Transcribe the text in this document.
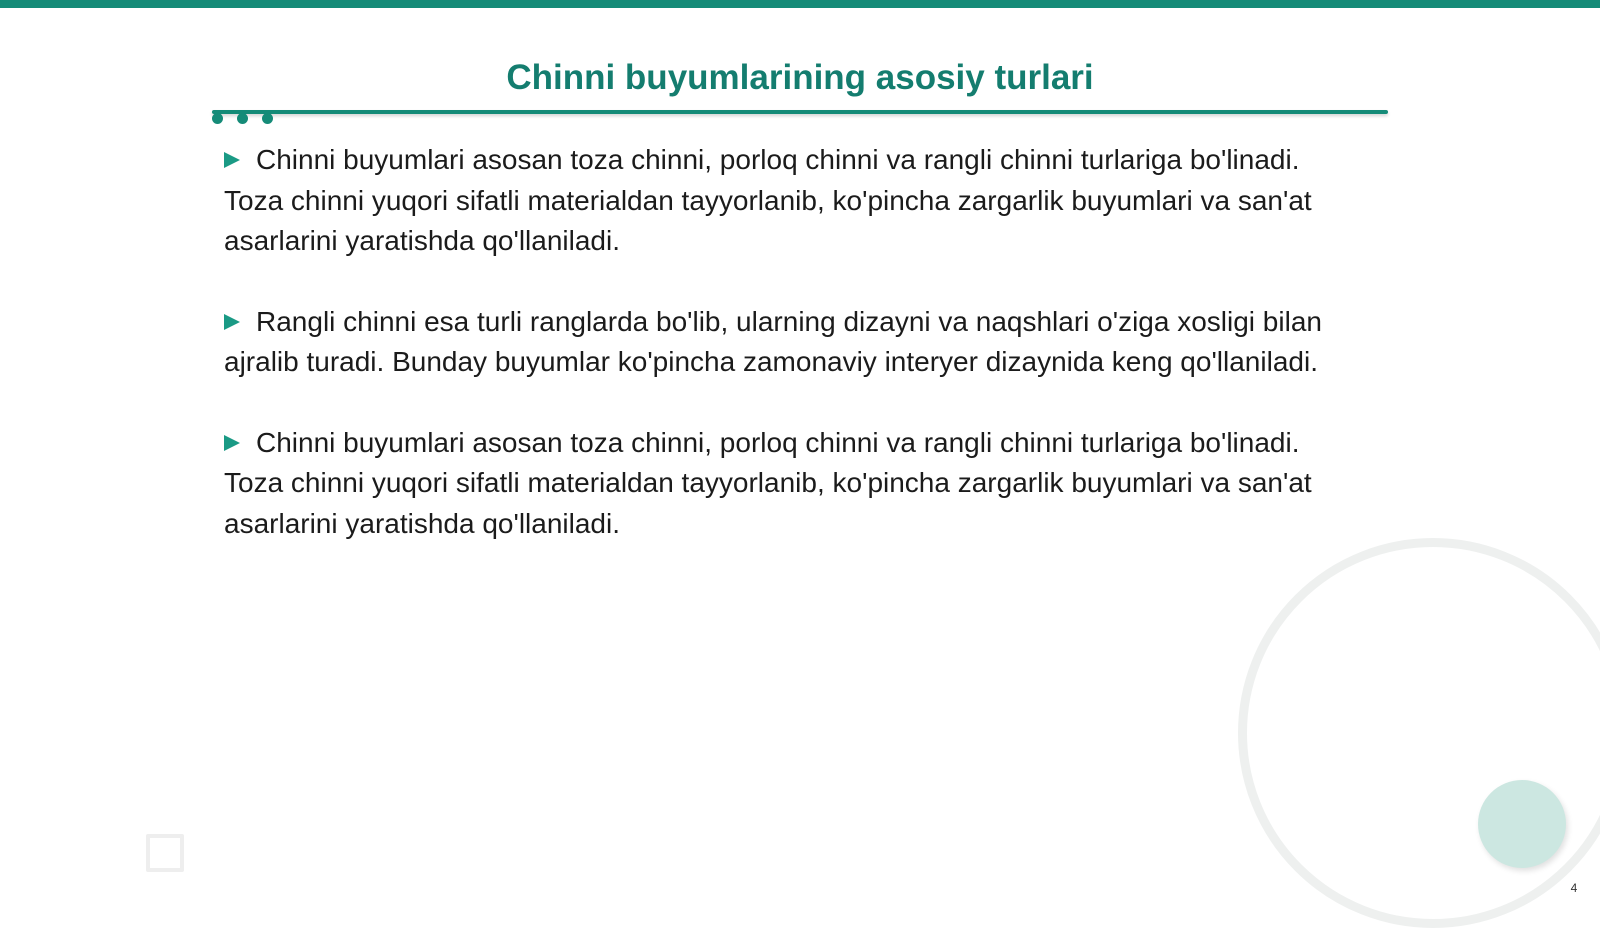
Chinni buyumlarining asosiy turlari
Chinni buyumlari asosan toza chinni, porloq chinni va rangli chinni turlariga bo'linadi. Toza chinni yuqori sifatli materialdan tayyorlanib, ko'pincha zargarlik buyumlari va san'at asarlarini yaratishda qo'llaniladi.
Rangli chinni esa turli ranglarda bo'lib, ularning dizayni va naqshlari o'ziga xosligi bilan ajralib turadi. Bunday buyumlar ko'pincha zamonaviy interyer dizaynida keng qo'llaniladi.
Chinni buyumlari asosan toza chinni, porloq chinni va rangli chinni turlariga bo'linadi. Toza chinni yuqori sifatli materialdan tayyorlanib, ko'pincha zargarlik buyumlari va san'at asarlarini yaratishda qo'llaniladi.
4
